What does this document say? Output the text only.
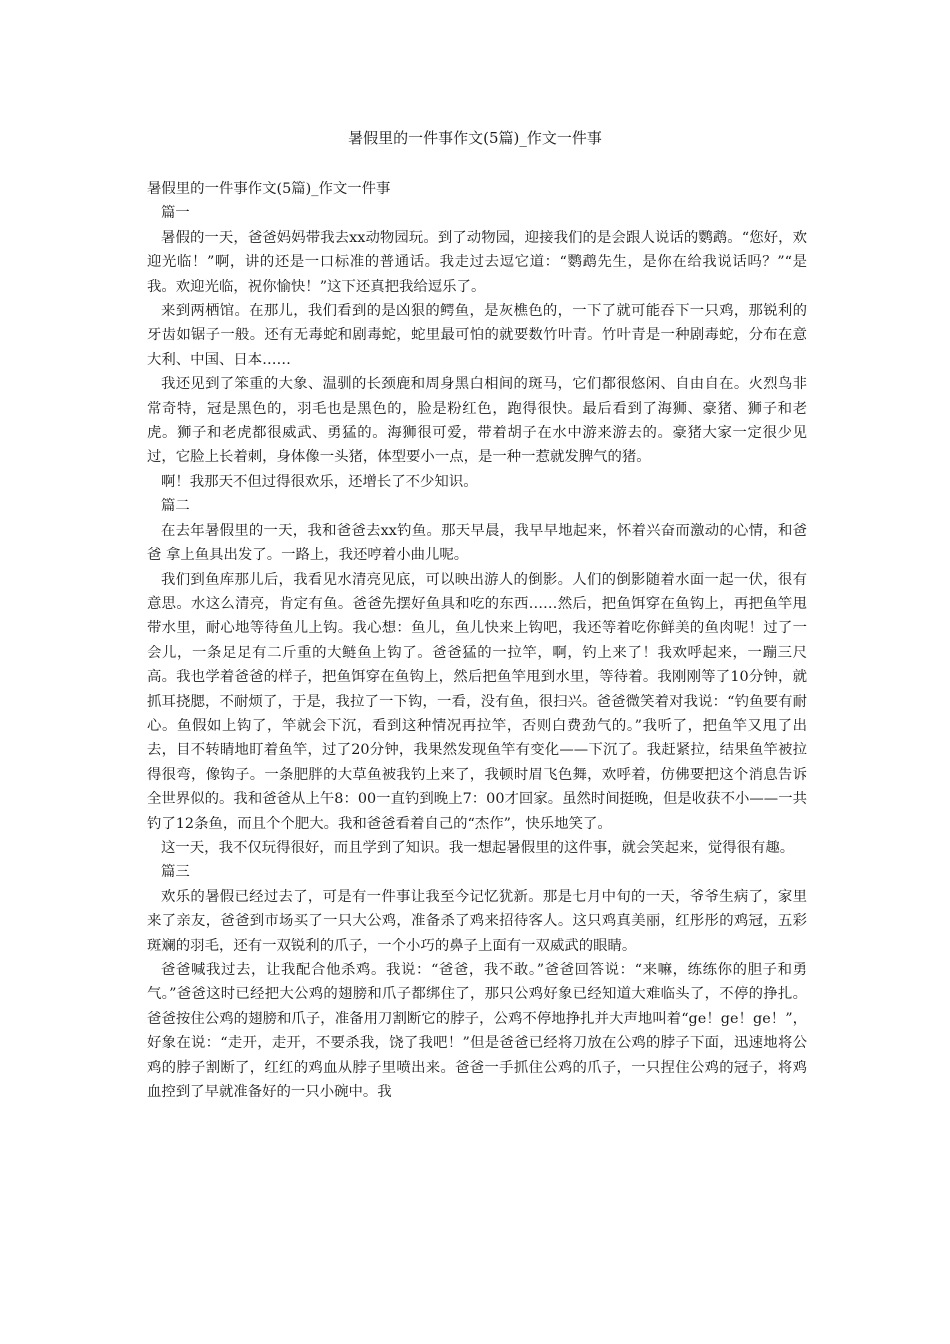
暑假里的一件事作文(5篇)_作文一件事

暑假里的一件事作文(5篇)_作文一件事

篇一

暑假的一天，爸爸妈妈带我去xx动物园玩。到了动物园，迎接我们的是会跟人说话的鹦鹉。“您好，欢迎光临！”啊，讲的还是一口标准的普通话。我走过去逗它道：“鹦鹉先生，是你在给我说话吗？”“是我。欢迎光临，祝你愉快！”这下还真把我给逗乐了。

来到两栖馆。在那儿，我们看到的是凶狠的鳄鱼，是灰樵色的，一下了就可能吞下一只鸡，那锐利的牙齿如锯子一般。还有无毒蛇和剧毒蛇，蛇里最可怕的就要数竹叶青。竹叶青是一种剧毒蛇，分布在意大利、中国、日本……

我还见到了笨重的大象、温驯的长颈鹿和周身黑白相间的斑马，它们都很悠闲、自由自在。火烈鸟非常奇特，冠是黑色的，羽毛也是黑色的，脸是粉红色，跑得很快。最后看到了海狮、豪猪、狮子和老虎。狮子和老虎都很威武、勇猛的。海狮很可爱，带着胡子在水中游来游去的。豪猪大家一定很少见过，它脸上长着刺，身体像一头猪，体型要小一点，是一种一惹就发脾气的猪。

啊！我那天不但过得很欢乐，还增长了不少知识。

篇二

在去年暑假里的一天，我和爸爸去xx钓鱼。那天早晨，我早早地起来，怀着兴奋而激动的心情，和爸爸 拿上鱼具出发了。一路上，我还哼着小曲儿呢。

我们到鱼库那儿后，我看见水清亮见底，可以映出游人的倒影。人们的倒影随着水面一起一伏，很有意思。水这么清亮，肯定有鱼。爸爸先摆好鱼具和吃的东西……然后，把鱼饵穿在鱼钩上，再把鱼竿甩带水里，耐心地等待鱼儿上钩。我心想：鱼儿，鱼儿快来上钩吧，我还等着吃你鲜美的鱼肉呢！过了一会儿，一条足足有二斤重的大鲢鱼上钩了。爸爸猛的一拉竿，啊，钓上来了！我欢呼起来，一蹦三尺高。我也学着爸爸的样子，把鱼饵穿在鱼钩上，然后把鱼竿甩到水里，等待着。我刚刚等了10分钟，就抓耳挠腮，不耐烦了，于是，我拉了一下钩，一看，没有鱼，很扫兴。爸爸微笑着对我说：“钓鱼要有耐心。鱼假如上钩了，竿就会下沉，看到这种情况再拉竿，否则白费劲气的。”我听了，把鱼竿又甩了出去，目不转睛地盯着鱼竿，过了20分钟，我果然发现鱼竿有变化——下沉了。我赶紧拉，结果鱼竿被拉得很弯，像钩子。一条肥胖的大草鱼被我钓上来了，我顿时眉飞色舞，欢呼着，仿佛要把这个消息告诉全世界似的。我和爸爸从上午8：00一直钓到晚上7：00才回家。虽然时间挺晚，但是收获不小——一共钓了12条鱼，而且个个肥大。我和爸爸看着自己的“杰作”，快乐地笑了。

这一天，我不仅玩得很好，而且学到了知识。我一想起暑假里的这件事，就会笑起来，觉得很有趣。

篇三

欢乐的暑假已经过去了，可是有一件事让我至今记忆犹新。那是七月中旬的一天，爷爷生病了，家里来了亲友，爸爸到市场买了一只大公鸡，准备杀了鸡来招待客人。这只鸡真美丽，红彤彤的鸡冠，五彩斑斓的羽毛，还有一双锐利的爪子，一个小巧的鼻子上面有一双威武的眼睛。

爸爸喊我过去，让我配合他杀鸡。我说：“爸爸，我不敢。”爸爸回答说：“来嘛，练练你的胆子和勇气。”爸爸这时已经把大公鸡的翅膀和爪子都绑住了，那只公鸡好象已经知道大难临头了，不停的挣扎。爸爸按住公鸡的翅膀和爪子，准备用刀割断它的脖子，公鸡不停地挣扎并大声地叫着“ge！ge！ge！”，好象在说：“走开，走开，不要杀我，饶了我吧！”但是爸爸已经将刀放在公鸡的脖子下面，迅速地将公鸡的脖子割断了，红红的鸡血从脖子里喷出来。爸爸一手抓住公鸡的爪子，一只捏住公鸡的冠子，将鸡血控到了早就准备好的一只小碗中。我
